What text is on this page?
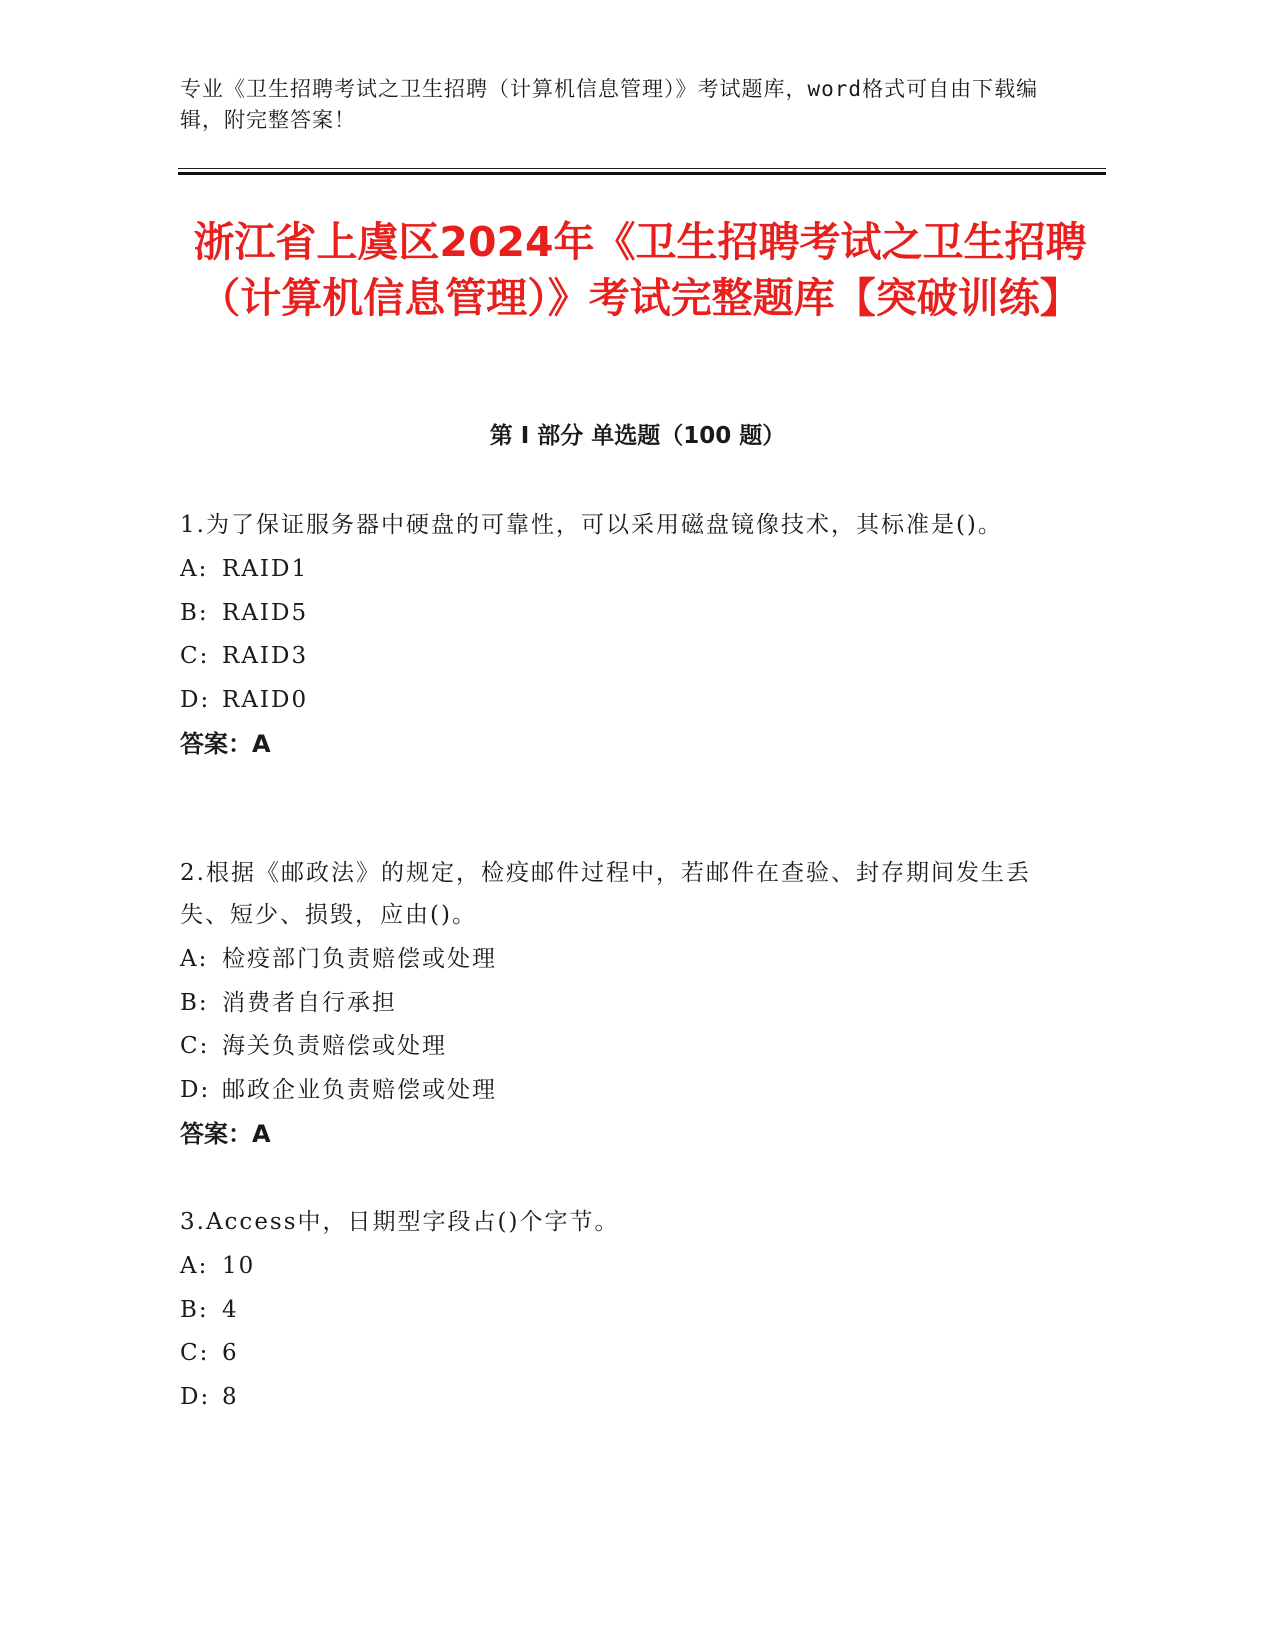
专业《卫生招聘考试之卫生招聘（计算机信息管理）》考试题库，word格式可自由下载编辑，附完整答案！
浙江省上虞区2024年《卫生招聘考试之卫生招聘（计算机信息管理）》考试完整题库【突破训练】
第 I 部分 单选题（100 题）

1.为了保证服务器中硬盘的可靠性，可以采用磁盘镜像技术，其标准是()。

A: RAID1

B: RAID5

C: RAID3

D: RAID0

答案：A

2.根据《邮政法》的规定，检疫邮件过程中，若邮件在查验、封存期间发生丢失、短少、损毁，应由()。

A: 检疫部门负责赔偿或处理

B: 消费者自行承担

C: 海关负责赔偿或处理

D: 邮政企业负责赔偿或处理

答案：A

3.Access中，日期型字段占()个字节。

A: 10

B: 4

C: 6

D: 8
